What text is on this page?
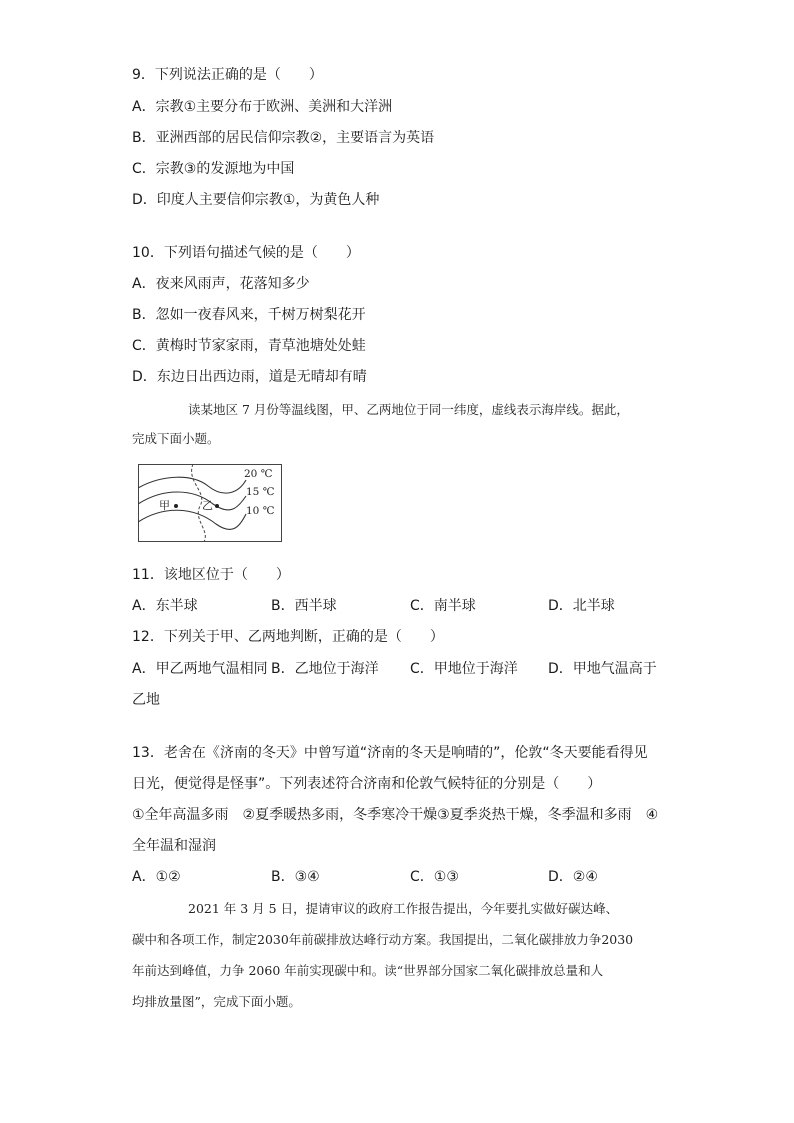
9．下列说法正确的是（　　）
A．宗教①主要分布于欧洲、美洲和大洋洲
B．亚洲西部的居民信仰宗教②，主要语言为英语
C．宗教③的发源地为中国
D．印度人主要信仰宗教①，为黄色人种
10．下列语句描述气候的是（　　）
A．夜来风雨声，花落知多少
B．忽如一夜春风来，千树万树梨花开
C．黄梅时节家家雨，青草池塘处处蛙
D．东边日出西边雨，道是无晴却有晴
读某地区 7 月份等温线图，甲、乙两地位于同一纬度，虚线表示海岸线。据此，
完成下面小题。
20 ℃
15 ℃
10 ℃
甲	乙
11．该地区位于（　　）
A．东半球	B．西半球	C．南半球	D．北半球
12．下列关于甲、乙两地判断，正确的是（　　）
A．甲乙两地气温相同 B．乙地位于海洋 C．甲地位于海洋 D．甲地气温高于
乙地
13．老舍在《济南的冬天》中曾写道“济南的冬天是响晴的”，伦敦“冬天要能看得见
日光，便觉得是怪事”。下列表述符合济南和伦敦气候特征的分别是（　　）
①全年高温多雨　②夏季暖热多雨，冬季寒冷干燥③夏季炎热干燥，冬季温和多雨　④
全年温和湿润
A．①②	B．③④	C．①③	D．②④
2021 年 3 月 5 日，提请审议的政府工作报告提出，今年要扎实做好碳达峰、
碳中和各项工作，制定2030年前碳排放达峰行动方案。我国提出，二氧化碳排放力争2030
年前达到峰值，力争 2060 年前实现碳中和。读“世界部分国家二氧化碳排放总量和人
均排放量图”，完成下面小题。
